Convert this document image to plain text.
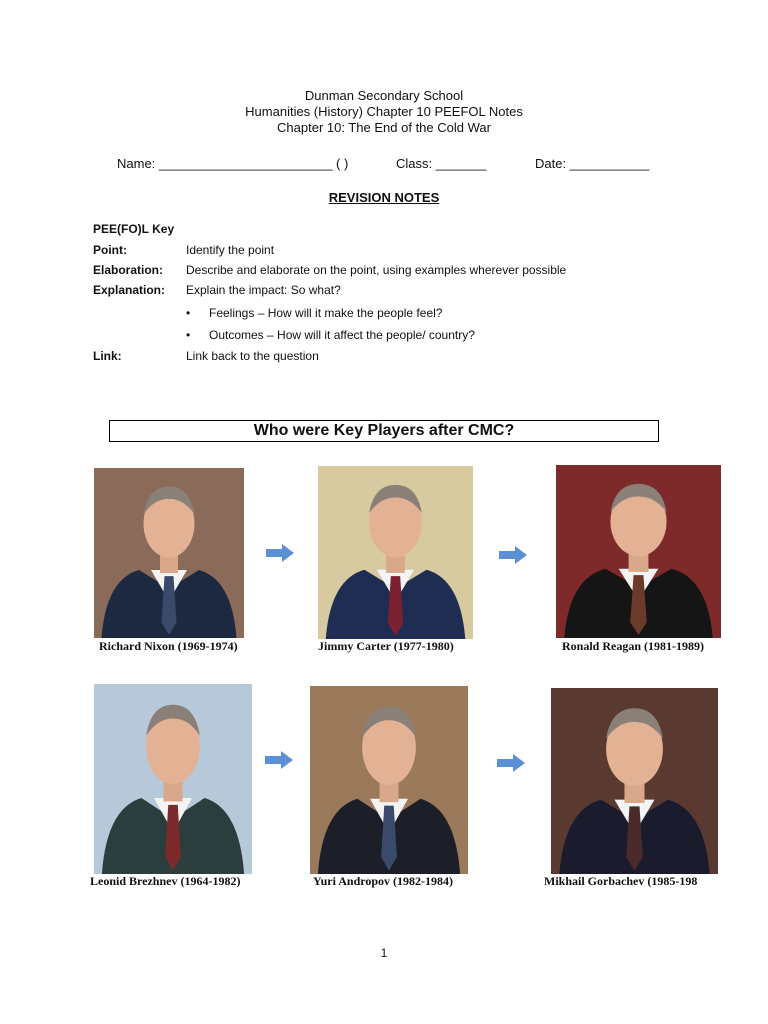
Dunman Secondary School
Humanities (History) Chapter 10 PEEFOL Notes
Chapter 10: The End of the Cold War
Name: ________________________ ( )	Class: _______	Date: ___________
REVISION NOTES
PEE(FO)L Key
Point:	Identify the point
Elaboration: Describe and elaborate on the point, using examples wherever possible
Explanation: Explain the impact: So what?
• Feelings – How will it make the people feel?
• Outcomes – How will it affect the people/ country?
Link:	Link back to the question
Who were Key Players after CMC?
Richard Nixon (1969-1974)	Jimmy Carter (1977-1980)	Ronald Reagan (1981-1989)
Leonid Brezhnev (1964-1982)	Yuri Andropov (1982-1984)	Mikhail Gorbachev (1985-198
1
